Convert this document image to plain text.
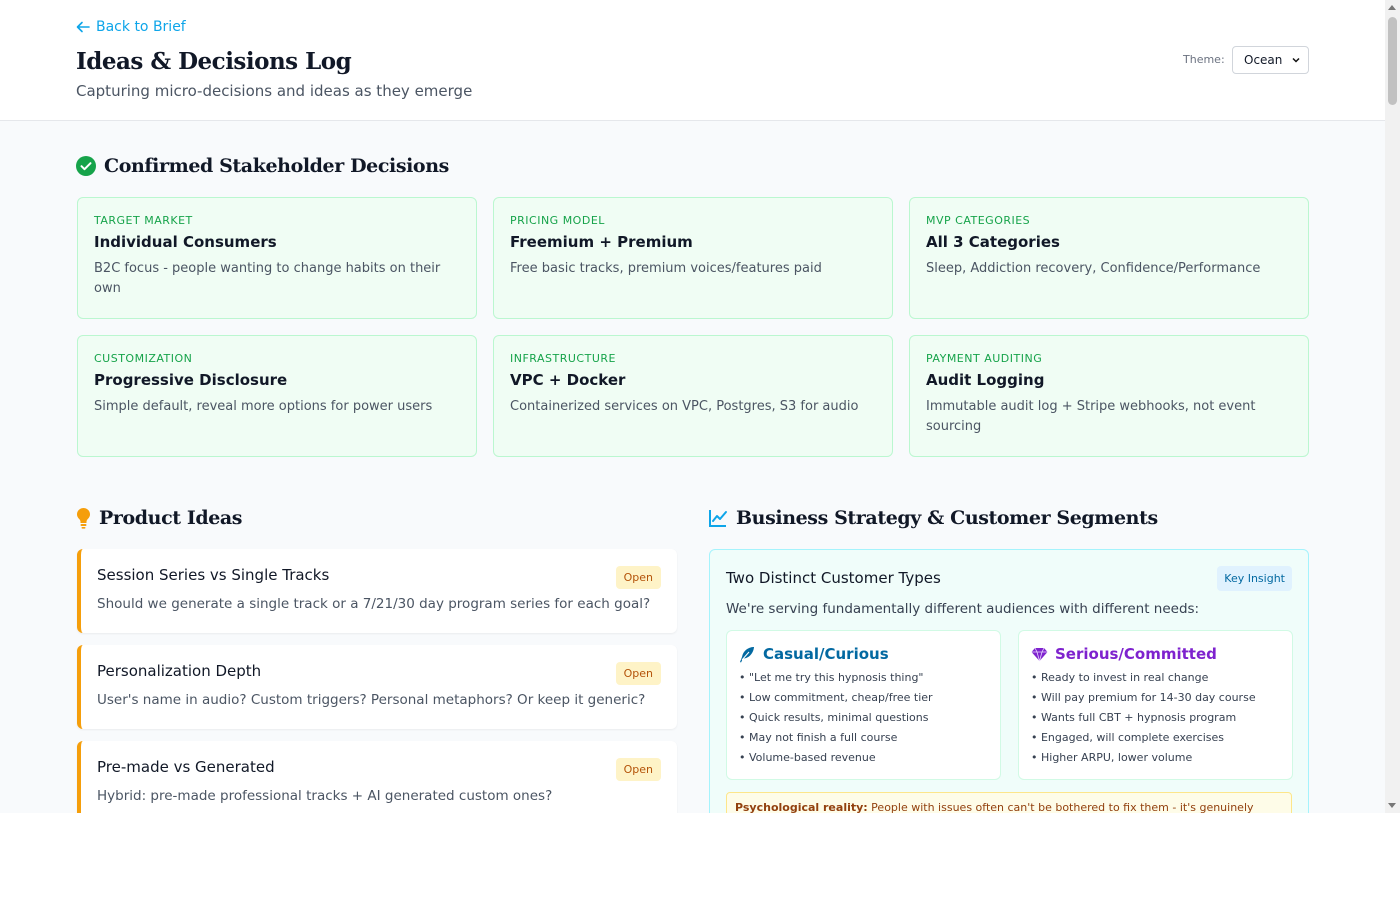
Back to Brief
Ideas & Decisions Log
Capturing micro-decisions and ideas as they emerge
Theme:	Ocean
Confirmed Stakeholder Decisions
TARGET MARKET
Individual Consumers
B2C focus - people wanting to change habits on their own
PRICING MODEL
Freemium + Premium
Free basic tracks, premium voices/features paid
MVP CATEGORIES
All 3 Categories
Sleep, Addiction recovery, Confidence/Performance
CUSTOMIZATION
Progressive Disclosure
Simple default, reveal more options for power users
INFRASTRUCTURE
VPC + Docker
Containerized services on VPC, Postgres, S3 for audio
PAYMENT AUDITING
Audit Logging
Immutable audit log + Stripe webhooks, not event sourcing
Product Ideas
Session Series vs Single Tracks
Should we generate a single track or a 7/21/30 day program series for each goal?
Open
Personalization Depth
User's name in audio? Custom triggers? Personal metaphors? Or keep it generic?
Open
Pre-made vs Generated
Hybrid: pre-made professional tracks + AI generated custom ones?
Open
Business Strategy & Customer Segments
Two Distinct Customer Types	Key Insight
We're serving fundamentally different audiences with different needs:
Casual/Curious
• "Let me try this hypnosis thing"
• Low commitment, cheap/free tier
• Quick results, minimal questions
• May not finish a full course
• Volume-based revenue
Serious/Committed
• Ready to invest in real change
• Will pay premium for 14-30 day course
• Wants full CBT + hypnosis program
• Engaged, will complete exercises
• Higher ARPU, lower volume
Psychological reality: People with issues often can't be bothered to fix them - it's genuinely
